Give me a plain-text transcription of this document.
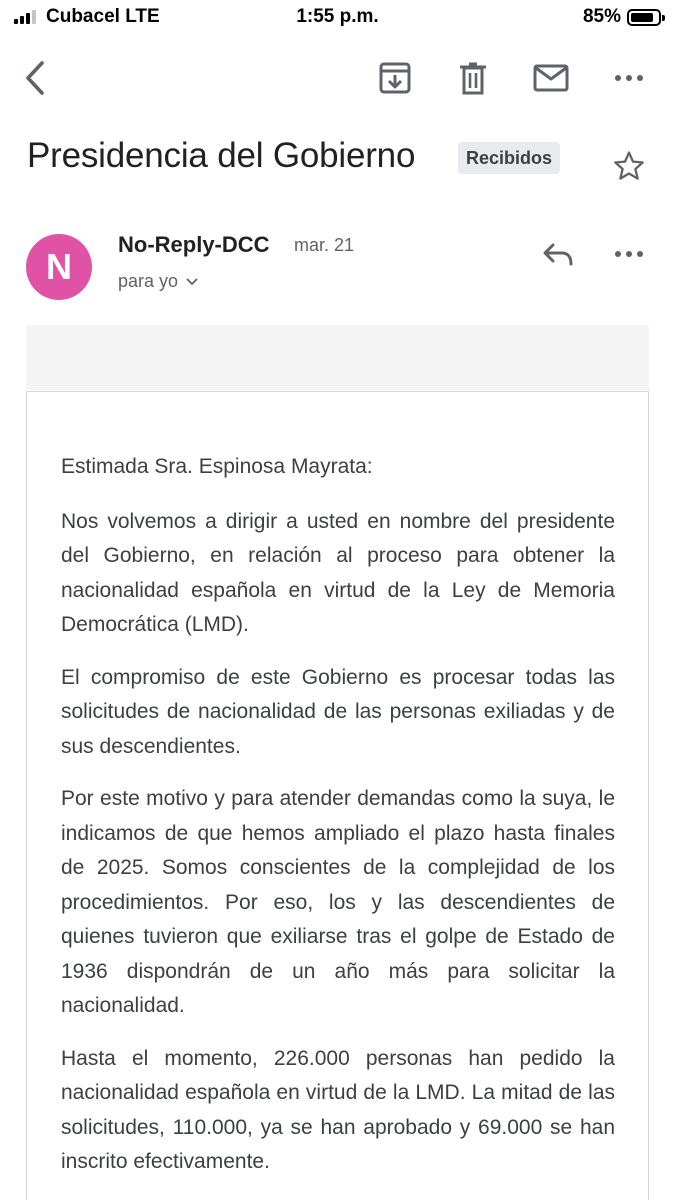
Cubacel LTE	1:55 p.m.	85%
Presidencia del Gobierno	Recibidos
N
No-Reply-DCC mar. 21
para yo

Estimada Sra. Espinosa Mayrata:

Nos volvemos a dirigir a usted en nombre del presidente del Gobierno, en relación al proceso para obtener la nacionalidad española en virtud de la Ley de Memoria Democrática (LMD).

El compromiso de este Gobierno es procesar todas las solicitudes de nacionalidad de las personas exiliadas y de sus descendientes.

Por este motivo y para atender demandas como la suya, le indicamos de que hemos ampliado el plazo hasta finales de 2025. Somos conscientes de la complejidad de los procedimientos. Por eso, los y las descendientes de quienes tuvieron que exiliarse tras el golpe de Estado de 1936 dispondrán de un año más para solicitar la nacionalidad.

Hasta el momento, 226.000 personas han pedido la nacionalidad española en virtud de la LMD. La mitad de las solicitudes, 110.000, ya se han aprobado y 69.000 se han inscrito efectivamente.
